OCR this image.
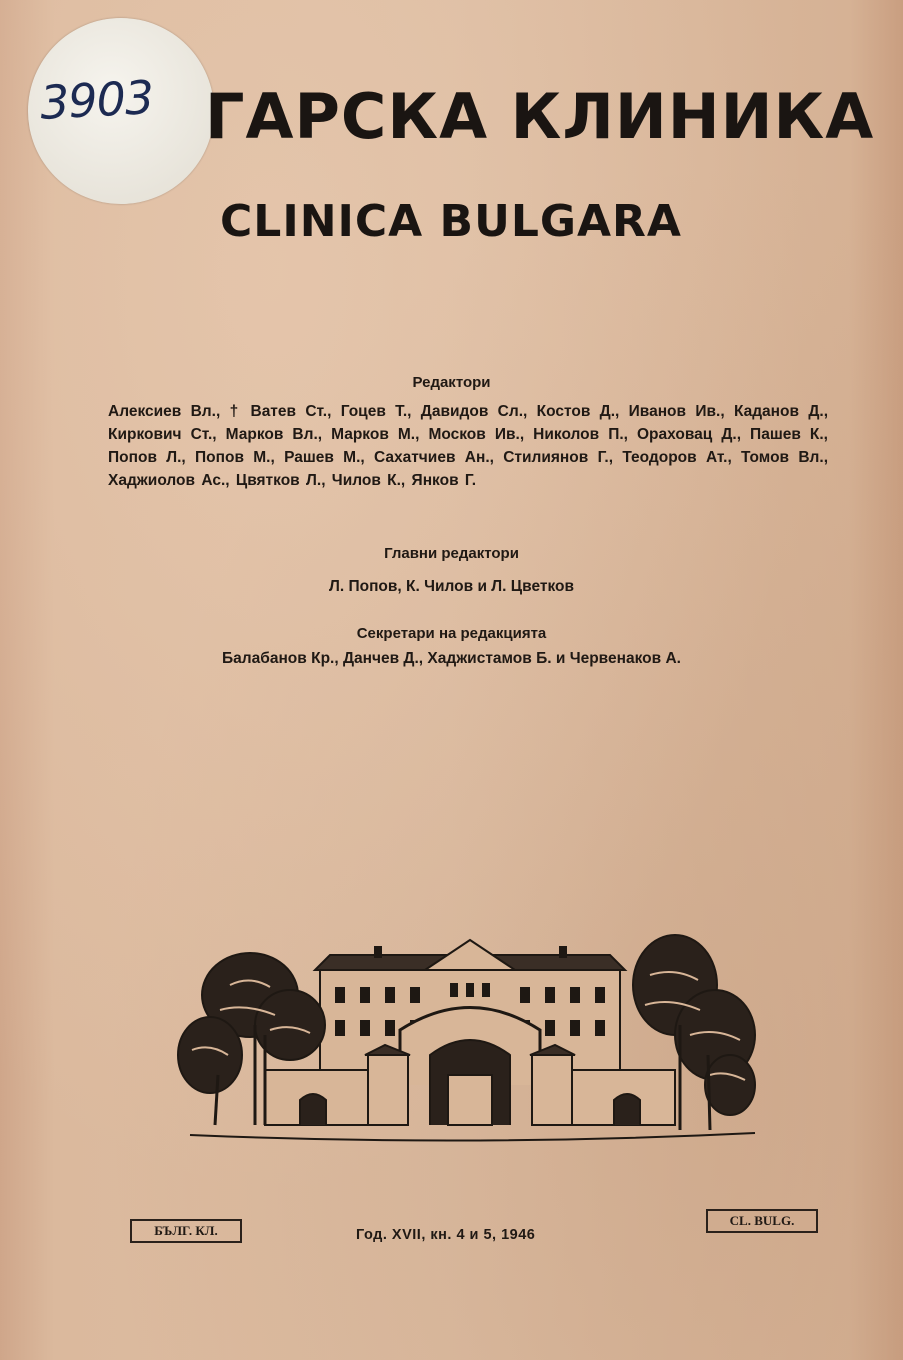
3903 ГАРСКА КЛИНИКА
CLINICA BULGARA
Редактори
Алексиев Вл., † Ватев Ст., Гоцев Т., Давидов Сл., Костов Д., Иванов Ив., Каданов Д., Киркович Ст., Марков Вл., Марков М., Москов Ив., Николов П., Ораховац Д., Пашев К., Попов Л., Попов М., Рашев М., Сахатчиев Ан., Стилиянов Г., Теодоров Ат., Томов Вл., Хаджиолов Ас., Цвятков Л., Чилов К., Янков Г.
Главни редактори
Л. Попов, К. Чилов и Л. Цветков
Секретари на редакцията
Балабанов Кр., Данчев Д., Хаджистамов Б. и Червенаков А.
БЪЛГ. КЛ.	Год. XVII, кн. 4 и 5, 1946
CL. BULG.
